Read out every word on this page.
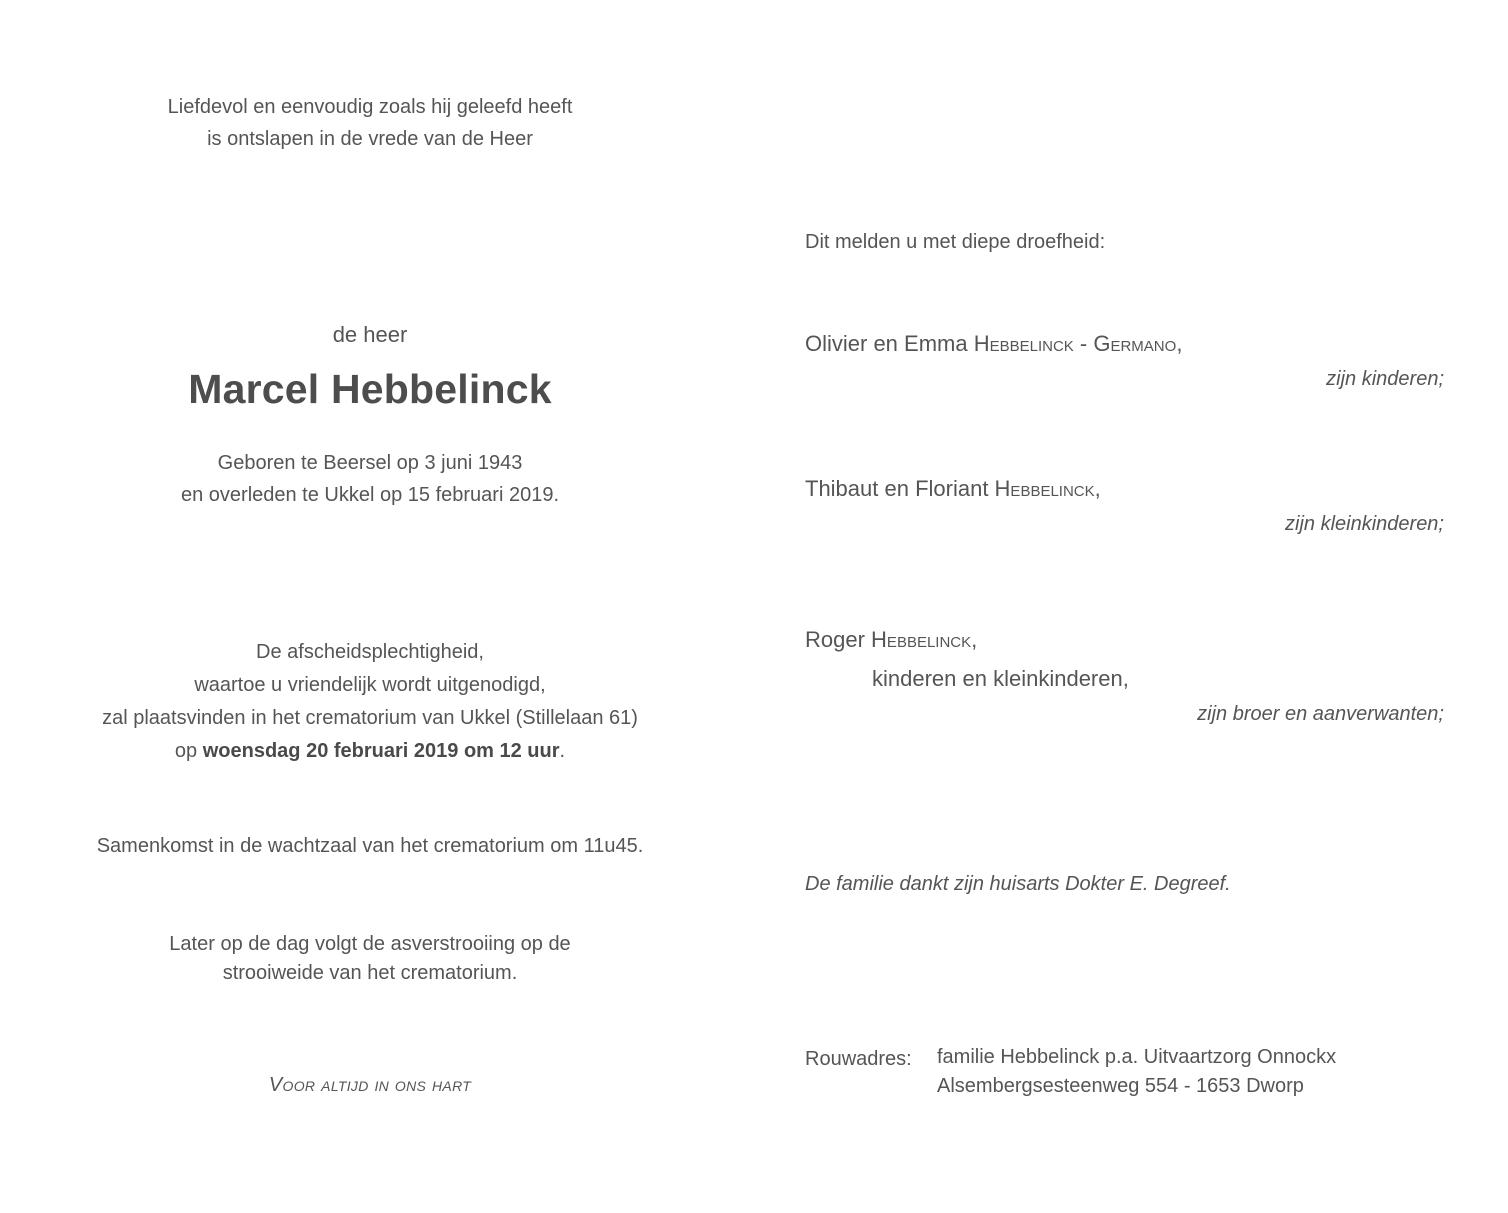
Liefdevol en eenvoudig zoals hij geleefd heeft
is ontslapen in de vrede van de Heer
de heer
Marcel Hebbelinck
Geboren te Beersel op 3 juni 1943
en overleden te Ukkel op 15 februari 2019.
De afscheidsplechtigheid,
waartoe u vriendelijk wordt uitgenodigd,
zal plaatsvinden in het crematorium van Ukkel (Stillelaan 61)
op woensdag 20 februari 2019 om 12 uur.
Samenkomst in de wachtzaal van het crematorium om 11u45.
Later op de dag volgt de asverstrooiing op de
strooiweide van het crematorium.
Voor altijd in ons hart
Dit melden u met diepe droefheid:
Olivier en Emma Hebbelinck - Germano,
zijn kinderen;
Thibaut en Floriant Hebbelinck,
zijn kleinkinderen;
Roger Hebbelinck,
kinderen en kleinkinderen,
zijn broer en aanverwanten;
De familie dankt zijn huisarts Dokter E. Degreef.
Rouwadres: familie Hebbelinck p.a. Uitvaartzorg Onnockx
Alsembergsesteenweg 554 - 1653 Dworp
